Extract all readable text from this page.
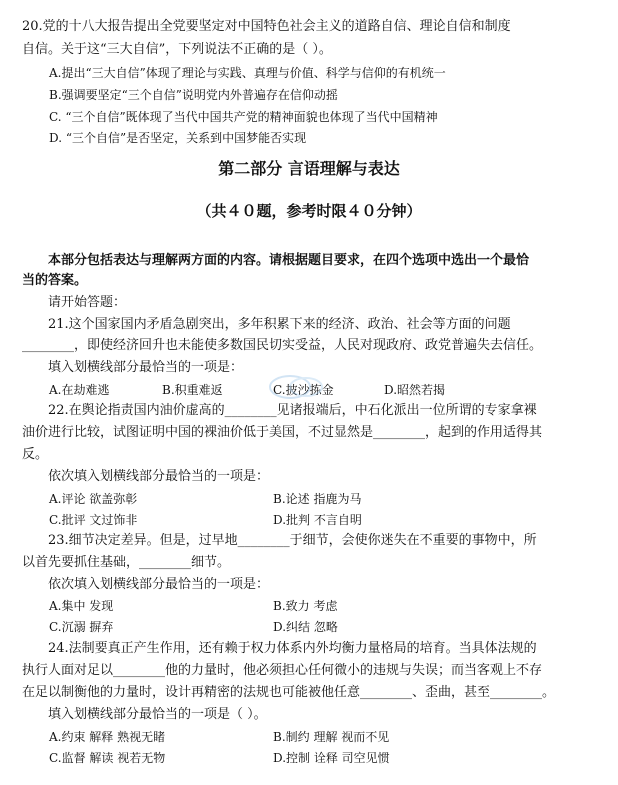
20.党的十八大报告提出全党要坚定对中国特色社会主义的道路自信、理论自信和制度
自信。关于这“三大自信”，下列说法不正确的是（ ）。
A.提出“三大自信”体现了理论与实践、真理与价值、科学与信仰的有机统一
B.强调要坚定“三个自信”说明党内外普遍存在信仰动摇
C. “三个自信”既体现了当代中国共产党的精神面貌也体现了当代中国精神
D. “三个自信”是否坚定，关系到中国梦能否实现
第二部分 言语理解与表达
（共４０题，参考时限４０分钟）
本部分包括表达与理解两方面的内容。请根据题目要求，在四个选项中选出一个最恰
当的答案。
请开始答题：
21.这个国家国内矛盾急剧突出，多年积累下来的经济、政治、社会等方面的问题
________，即使经济回升也未能使多数国民切实受益，人民对现政府、政党普遍失去信任。
填入划横线部分最恰当的一项是：
A.在劫难逃	B.积重难返	C.披沙拣金	D.昭然若揭
22.在舆论指责国内油价虚高的________见诸报端后，中石化派出一位所谓的专家拿裸
油价进行比较，试图证明中国的裸油价低于美国，不过显然是________，起到的作用适得其
反。
依次填入划横线部分最恰当的一项是：
A.评论 欲盖弥彰	B.论述 指鹿为马
C.批评 文过饰非	D.批判 不言自明
23.细节决定差异。但是，过早地________于细节，会使你迷失在不重要的事物中，所
以首先要抓住基础，________细节。
依次填入划横线部分最恰当的一项是：
A.集中 发现	B.致力 考虑
C.沉溺 摒弃	D.纠结 忽略
24.法制要真正产生作用，还有赖于权力体系内外均衡力量格局的培育。当具体法规的
执行人面对足以________他的力量时，他必须担心任何微小的违规与失误；而当客观上不存
在足以制衡他的力量时，设计再精密的法规也可能被他任意________、歪曲，甚至________。
填入划横线部分最恰当的一项是（ ）。
A.约束 解释 熟视无睹	B.制约 理解 视而不见
C.监督 解读 视若无物	D.控制 诠释 司空见惯
